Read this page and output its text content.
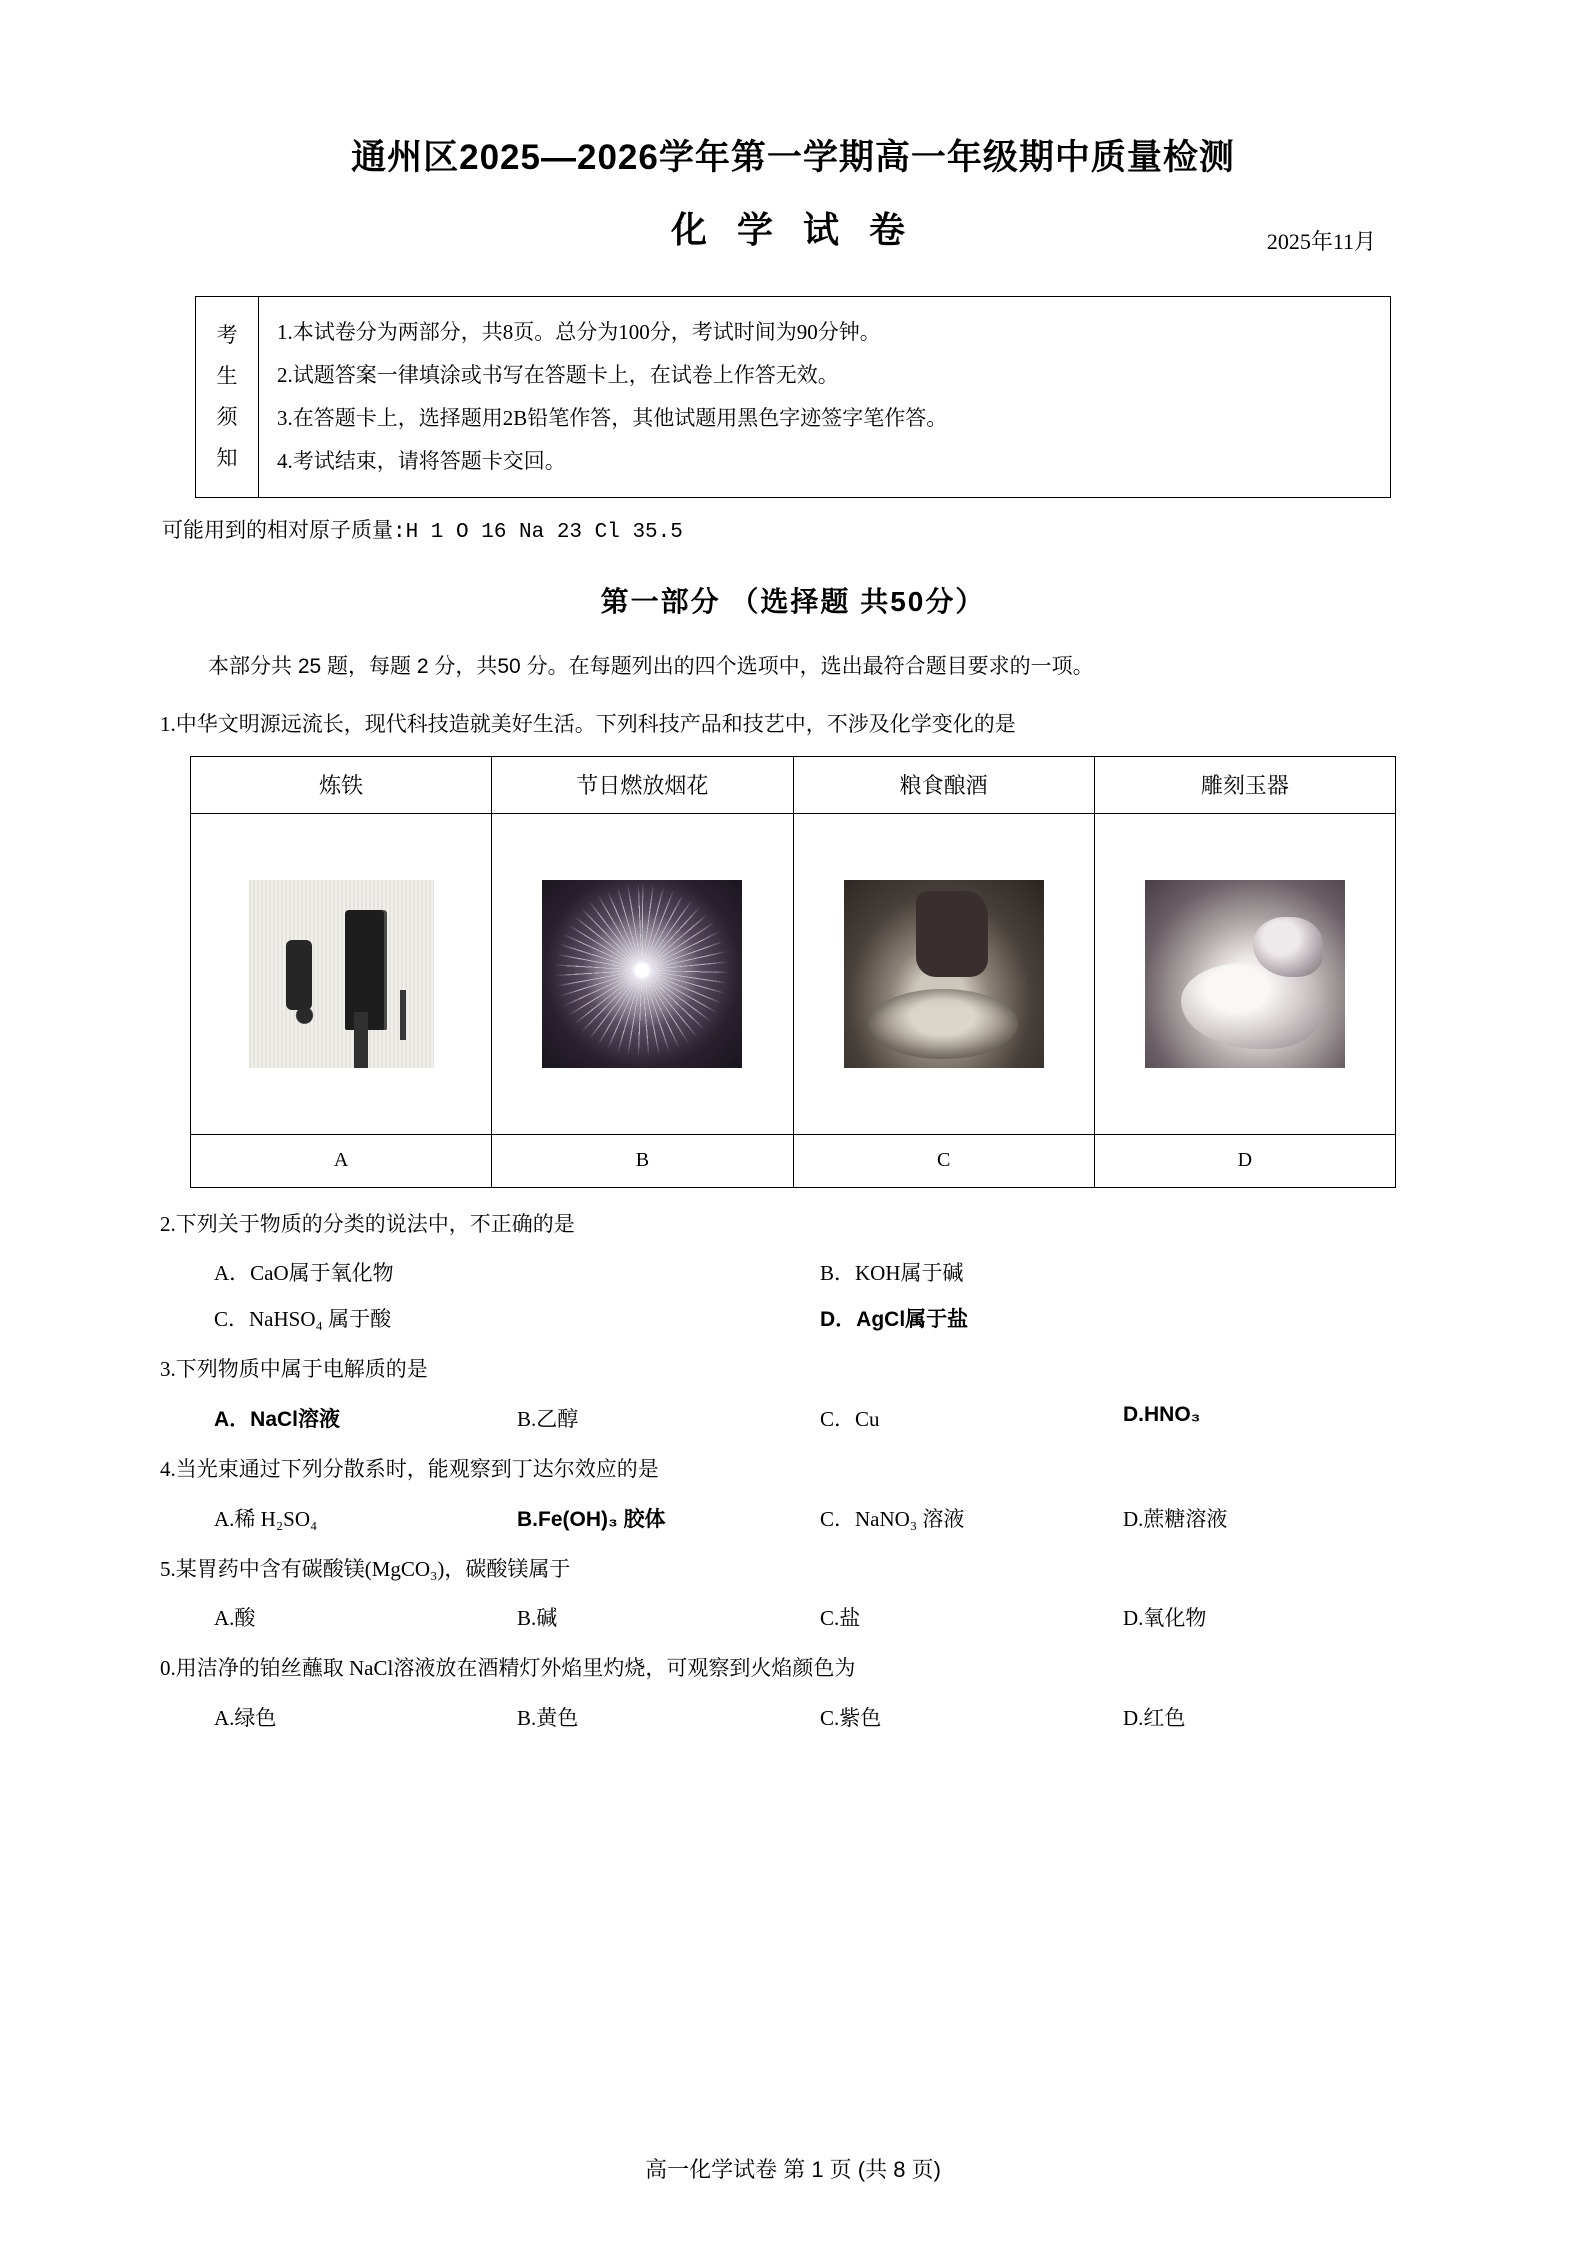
通州区2025—2026学年第一学期高一年级期中质量检测
化 学 试 卷	2025年11月
考
生
须
知
1.本试卷分为两部分，共8页。总分为100分，考试时间为90分钟。
2.试题答案一律填涂或书写在答题卡上，在试卷上作答无效。
3.在答题卡上，选择题用2B铅笔作答，其他试题用黑色字迹签字笔作答。
4.考试结束，请将答题卡交回。
可能用到的相对原子质量:H 1 O 16 Na 23 Cl 35.5
第一部分 （选择题 共50分）
本部分共 25 题，每题 2 分，共50 分。在每题列出的四个选项中，选出最符合题目要求的一项。
1.中华文明源远流长，现代科技造就美好生活。下列科技产品和技艺中，不涉及化学变化的是
炼铁	节日燃放烟花	粮食酿酒	雕刻玉器

A	B	C	D
2.下列关于物质的分类的说法中，不正确的是
A．CaO属于氧化物	B．KOH属于碱
C．NaHSO₄ 属于酸	D．AgCl属于盐
3.下列物质中属于电解质的是
A．NaCl溶液	B.乙醇	C．Cu	D.HNO₃
4.当光束通过下列分散系时，能观察到丁达尔效应的是
A.稀 H₂SO₄	B.Fe(OH)₃ 胶体	C．NaNO₃ 溶液	D.蔗糖溶液
5.某胃药中含有碳酸镁(MgCO₃)，碳酸镁属于
A.酸	B.碱	C.盐	D.氧化物
0.用洁净的铂丝蘸取 NaCl溶液放在酒精灯外焰里灼烧，可观察到火焰颜色为
A.绿色	B.黄色	C.紫色	D.红色
高一化学试卷 第 1 页 (共 8 页)
